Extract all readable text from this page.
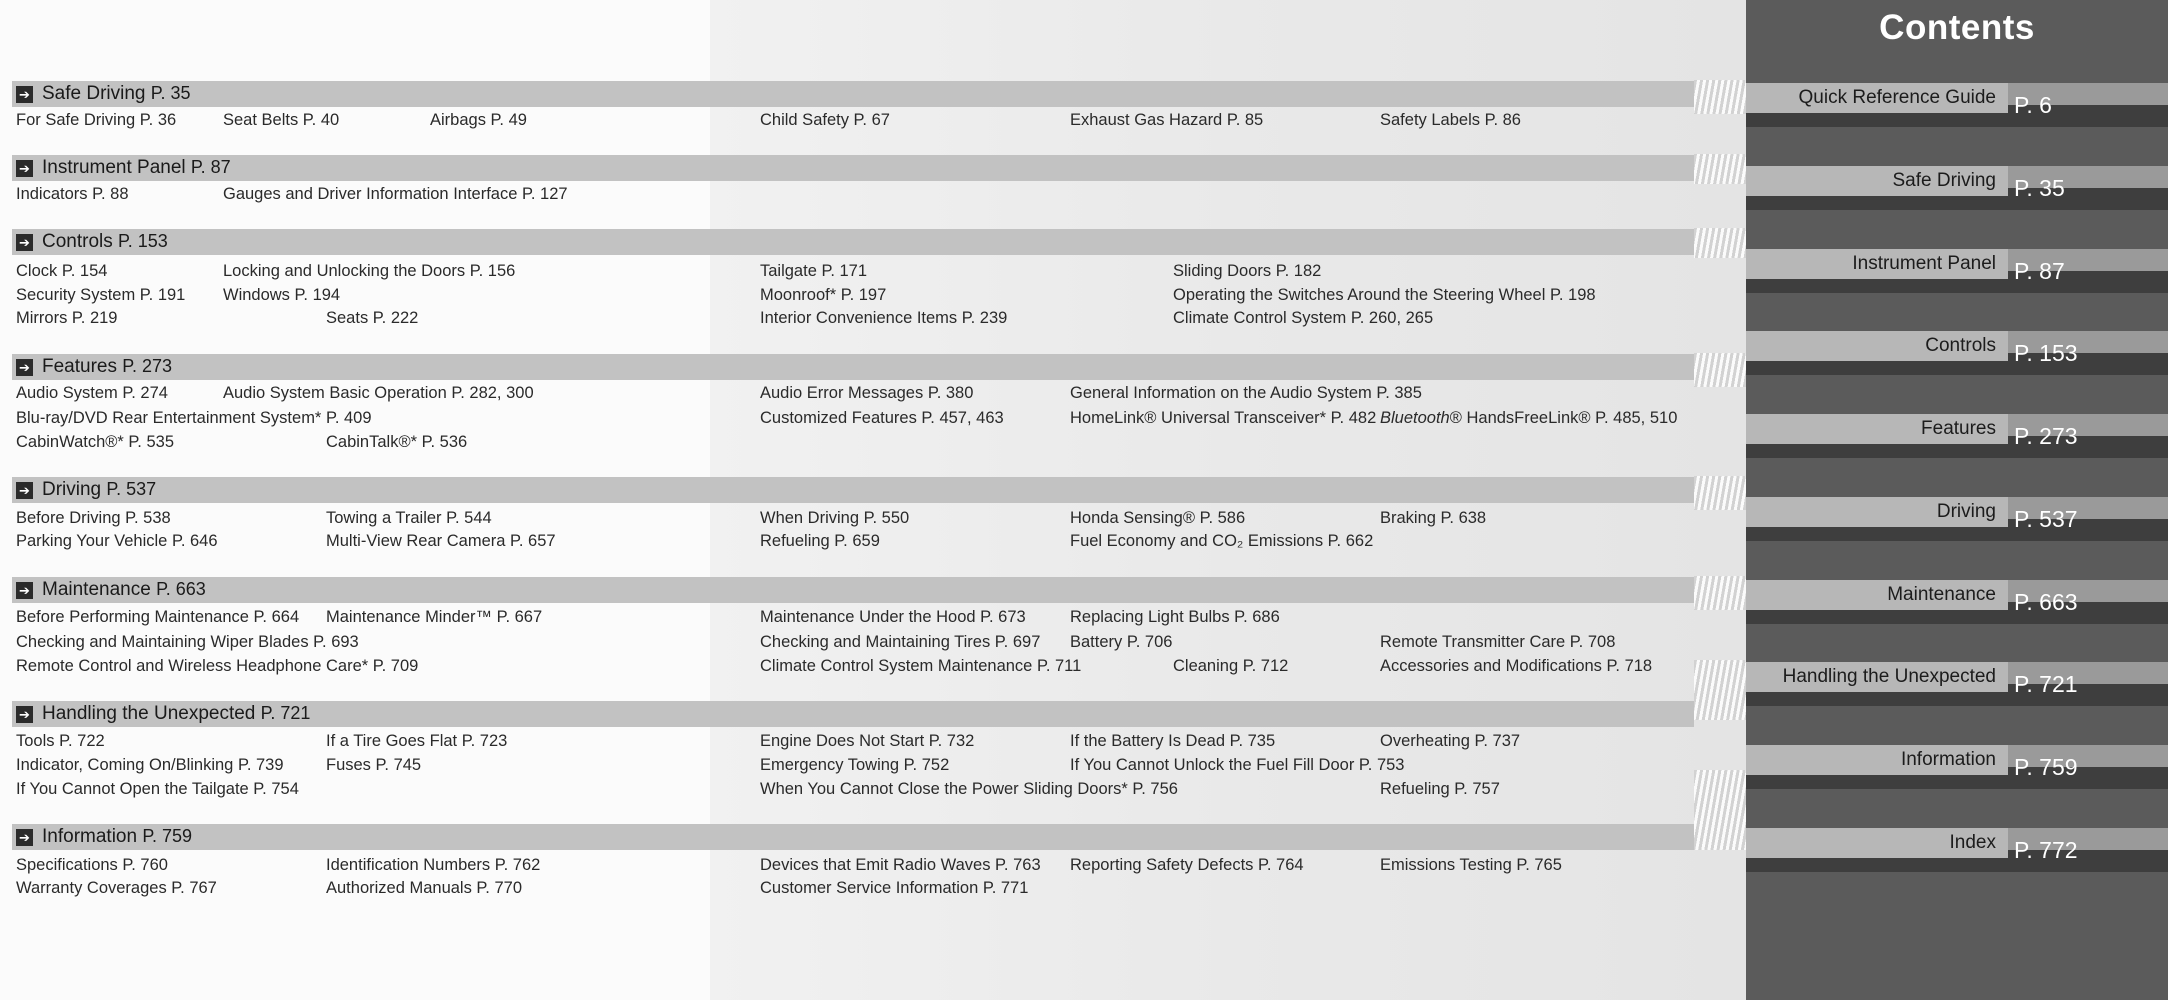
➔ Safe Driving P. 35
For Safe Driving P. 36	Seat Belts P. 40	Airbags P. 49	Child Safety P. 67	Exhaust Gas Hazard P. 85	Safety Labels P. 86
➔ Instrument Panel P. 87
Indicators P. 88	Gauges and Driver Information Interface P. 127
➔ Controls P. 153
Clock P. 154	Locking and Unlocking the Doors P. 156	Tailgate P. 171	Sliding Doors P. 182
Security System P. 191 Windows P. 194	Moonroof* P. 197	Operating the Switches Around the Steering Wheel P. 198
Mirrors P. 219	Seats P. 222	Interior Convenience Items P. 239	Climate Control System P. 260, 265
➔ Features P. 273
Audio System P. 274	Audio System Basic Operation P. 282, 300	Audio Error Messages P. 380	General Information on the Audio System P. 385
Blu-ray/DVD Rear Entertainment System* P. 409	Customized Features P. 457, 463	HomeLink® Universal Transceiver* P. 482 Bluetooth® HandsFreeLink® P. 485, 510
CabinWatch®* P. 535	CabinTalk®* P. 536
➔ Driving P. 537
Before Driving P. 538	Towing a Trailer P. 544	When Driving P. 550	Honda Sensing® P. 586	Braking P. 638
Parking Your Vehicle P. 646	Multi-View Rear Camera P. 657	Refueling P. 659	Fuel Economy and CO₂ Emissions P. 662
➔ Maintenance P. 663
Before Performing Maintenance P. 664 Maintenance Minder™ P. 667	Maintenance Under the Hood P. 673	Replacing Light Bulbs P. 686
Checking and Maintaining Wiper Blades P. 693	Checking and Maintaining Tires P. 697 Battery P. 706	Remote Transmitter Care P. 708
Remote Control and Wireless Headphone Care* P. 709	Climate Control System Maintenance P. 711	Cleaning P. 712	Accessories and Modifications P. 718
➔ Handling the Unexpected P. 721
Tools P. 722	If a Tire Goes Flat P. 723	Engine Does Not Start P. 732	If the Battery Is Dead P. 735	Overheating P. 737
Indicator, Coming On/Blinking P. 739	Fuses P. 745	Emergency Towing P. 752	If You Cannot Unlock the Fuel Fill Door P. 753
If You Cannot Open the Tailgate P. 754	When You Cannot Close the Power Sliding Doors* P. 756	Refueling P. 757
➔ Information P. 759
Specifications P. 760	Identification Numbers P. 762	Devices that Emit Radio Waves P. 763 Reporting Safety Defects P. 764	Emissions Testing P. 765
Warranty Coverages P. 767	Authorized Manuals P. 770	Customer Service Information P. 771
Contents
Quick Reference Guide P. 6
Safe Driving P. 35
Instrument Panel P. 87
Controls P. 153
Features P. 273
Driving P. 537
Maintenance P. 663
Handling the Unexpected P. 721
Information P. 759
Index P. 772
